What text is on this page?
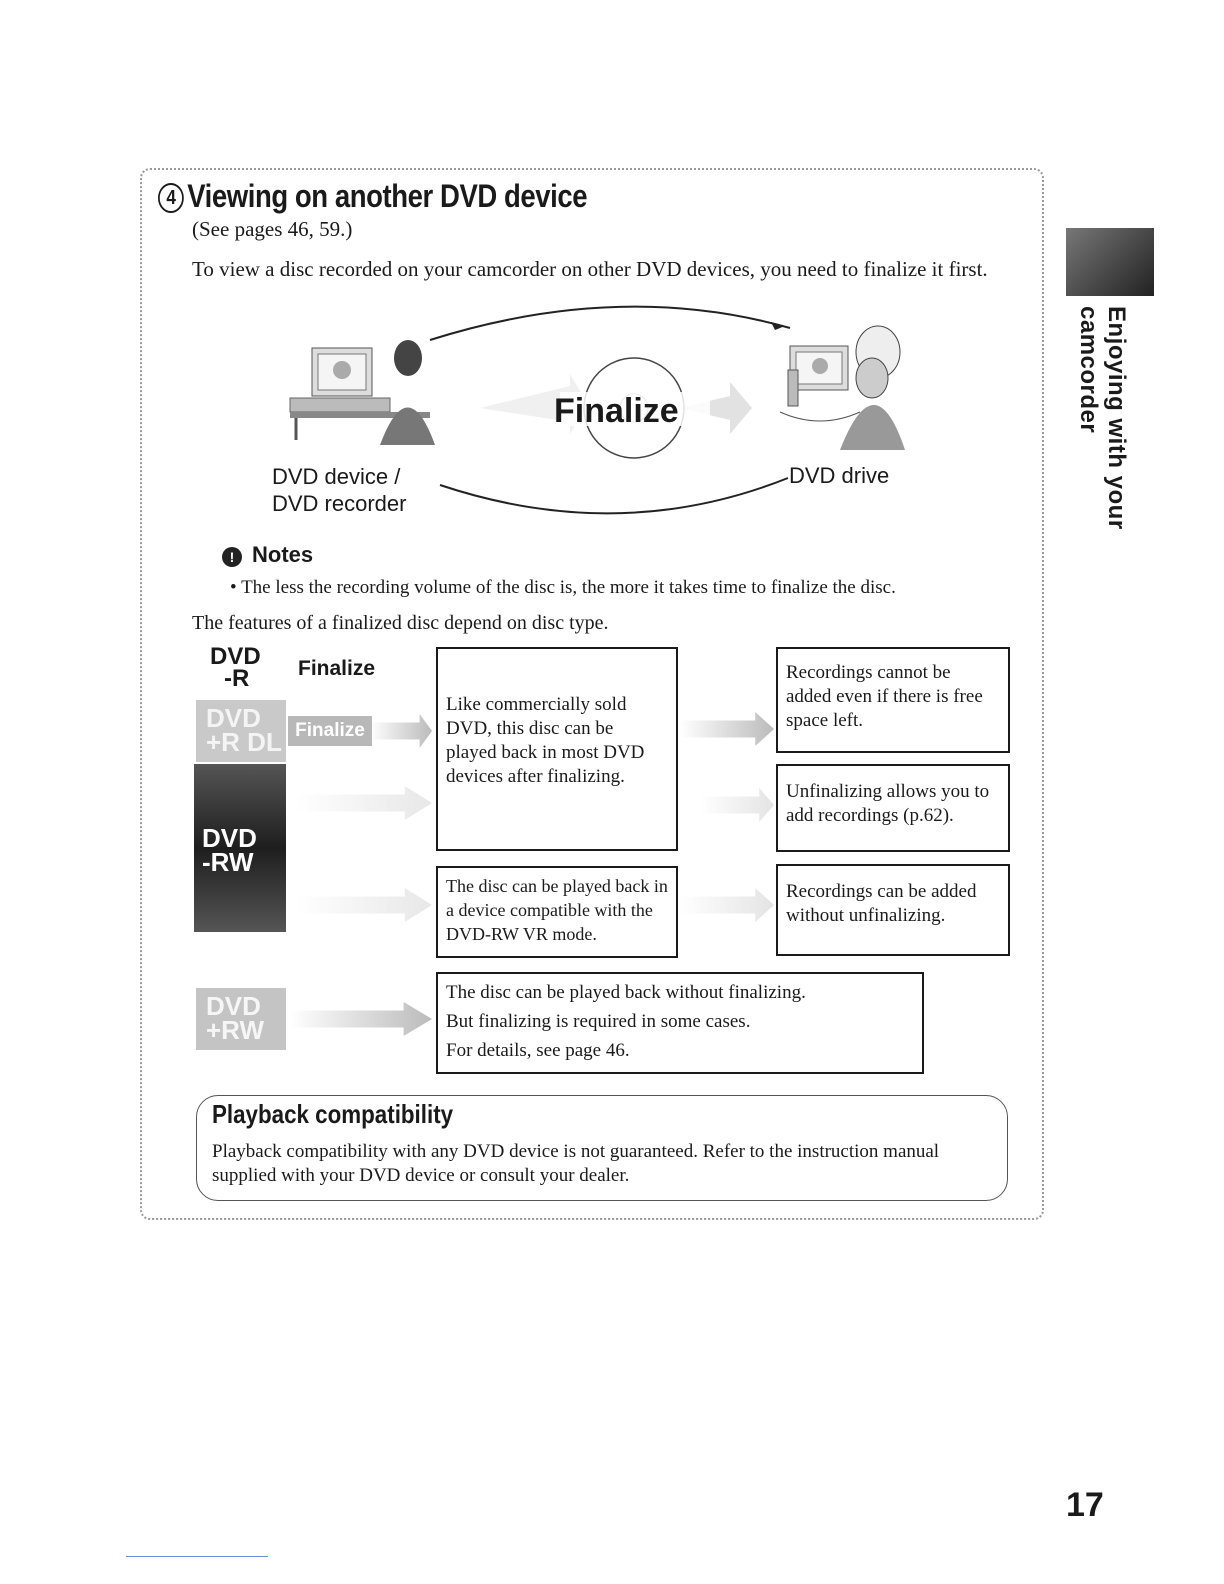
4 Viewing on another DVD device
(See pages 46, 59.)
To view a disc recorded on your camcorder on other DVD devices, you need to finalize it first.
Finalize
DVD device /
DVD recorder
DVD drive
! Notes
• The less the recording volume of the disc is, the more it takes time to finalize the disc.
The features of a finalized disc depend on disc type.
DVD
-R	Finalize
DVD
+R DL Finalize
DVD
-RW
DVD
+RW
Like commercially sold DVD, this disc can be played back in most DVD devices after finalizing.
Recordings cannot be added even if there is free space left.
Unfinalizing allows you to add recordings (p.62).
The disc can be played back in a device compatible with the DVD-RW VR mode.
Recordings can be added without unfinalizing.
The disc can be played back without finalizing.
But finalizing is required in some cases.
For details, see page 46.
Playback compatibility
Playback compatibility with any DVD device is not guaranteed. Refer to the instruction manual supplied with your DVD device or consult your dealer.
Enjoying with your camcorder
17
